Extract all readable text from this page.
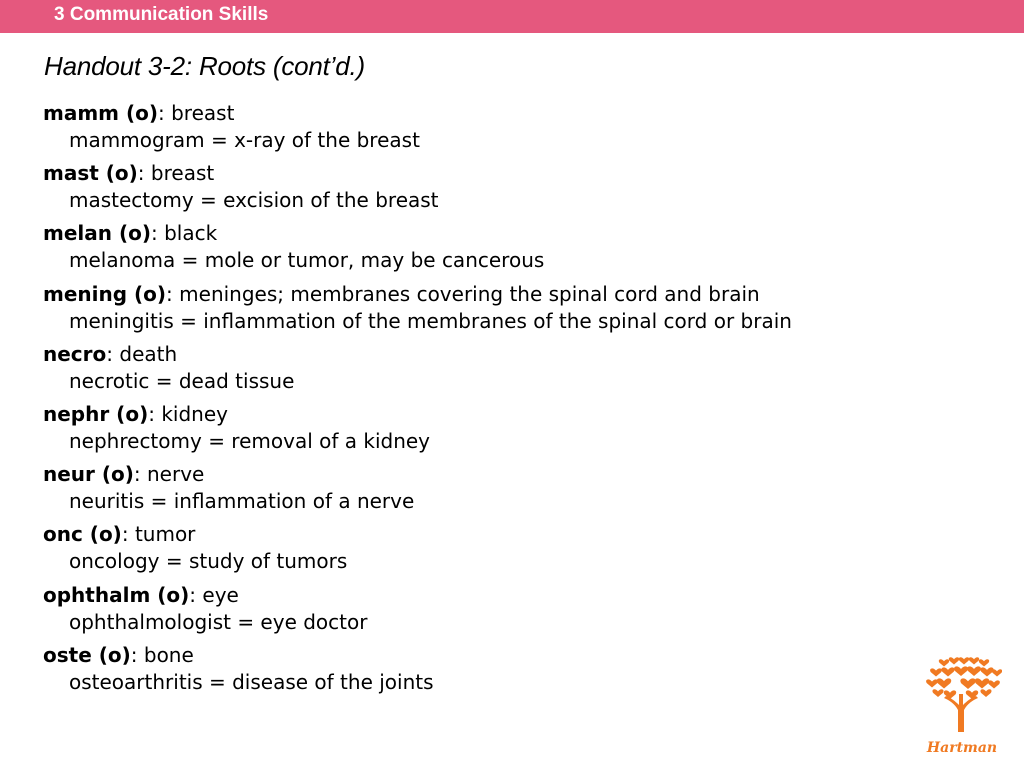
3 Communication Skills
Handout 3-2: Roots (cont’d.)
mamm (o): breast
mammogram = x-ray of the breast
mast (o): breast
mastectomy = excision of the breast
melan (o): black
melanoma = mole or tumor, may be cancerous
mening (o): meninges; membranes covering the spinal cord and brain
meningitis = inflammation of the membranes of the spinal cord or brain
necro: death
necrotic = dead tissue
nephr (o): kidney
nephrectomy = removal of a kidney
neur (o): nerve
neuritis = inflammation of a nerve
onc (o): tumor
oncology = study of tumors
ophthalm (o): eye
ophthalmologist = eye doctor
oste (o): bone
osteoarthritis = disease of the joints
Hartman
